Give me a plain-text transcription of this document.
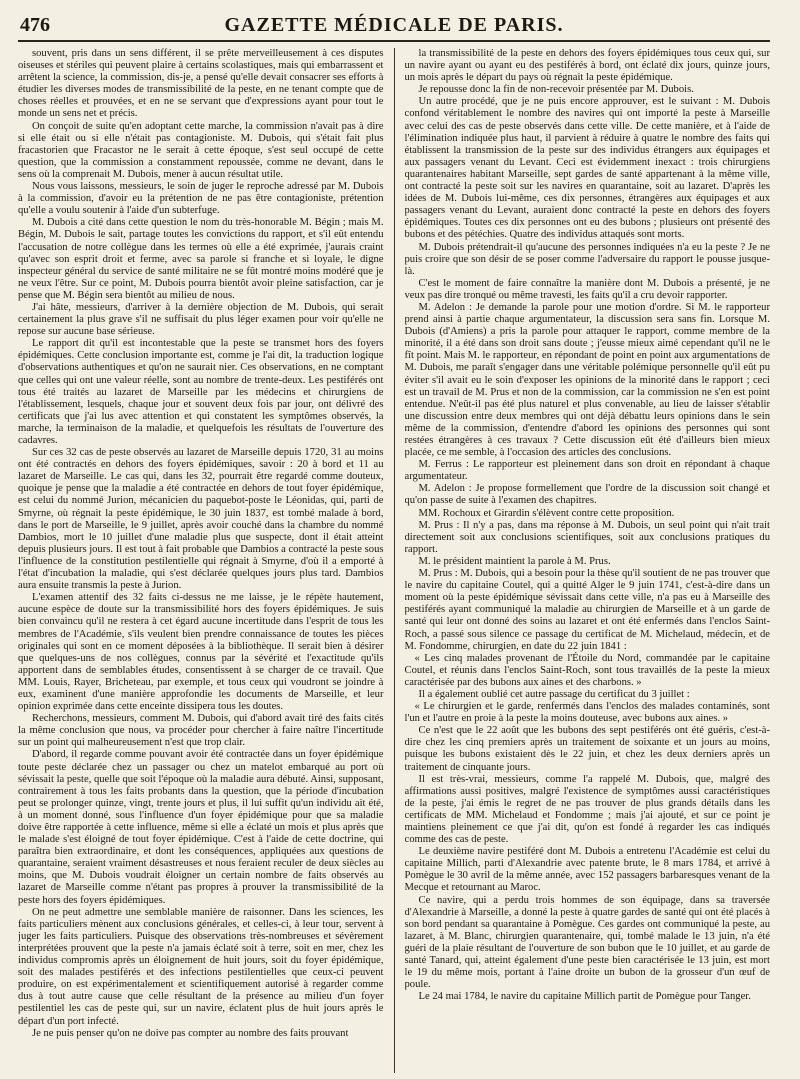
476	GAZETTE MÉDICALE DE PARIS.

souvent, pris dans un sens différent, il se prête merveilleusement à ces disputes oiseuses et stériles qui peuvent plaire à certains scolastiques, mais qui embarrassent et arrêtent la science, la commission, dis-je, a pensé qu'elle devait consacrer ses efforts à étudier les diverses modes de transmissibilité de la peste, en ne tenant compte que de choses réelles et prouvées, et en ne se servant que d'expressions ayant pour tout le monde un sens net et précis.

On conçoit de suite qu'en adoptant cette marche, la commission n'avait pas à dire si elle était ou si elle n'était pas contagioniste. M. Dubois, qui s'était fait plus fracastorien que Fracastor ne le serait à cette époque, s'est seul occupé de cette question, que la commission a constamment repoussée, comme ne devant, dans le sens où la comprenait M. Dubois, mener à aucun résultat utile.

Nous vous laissons, messieurs, le soin de juger le reproche adressé par M. Dubois à la commission, d'avoir eu la prétention de ne pas être contagioniste, prétention qu'elle a voulu soutenir à l'aide d'un subterfuge.

M. Dubois a cité dans cette question le nom du très-honorable M. Bégin ; mais M. Bégin, M. Dubois le sait, partage toutes les convictions du rapport, et s'il eût entendu l'accusation de notre collègue dans les termes où elle a été exprimée, j'aurais craint qu'avec son esprit droit et ferme, avec sa parole si franche et si loyale, le digne inspecteur général du service de santé militaire ne se fût montré moins modéré que je ne veux l'être. Sur ce point, M. Dubois pourra bientôt avoir pleine satisfaction, car je pense que M. Bégin sera bientôt au milieu de nous.

J'ai hâte, messieurs, d'arriver à la dernière objection de M. Dubois, qui serait certainement la plus grave s'il ne suffisait du plus léger examen pour voir qu'elle ne repose sur aucune base sérieuse.

Le rapport dit qu'il est incontestable que la peste se transmet hors des foyers épidémiques. Cette conclusion importante est, comme je l'ai dit, la traduction logique d'observations authentiques et qu'on ne saurait nier. Ces observations, en ne comptant que celles qui ont une valeur réelle, sont au nombre de trente-deux. Les pestiférés ont tous été traités au lazaret de Marseille par les médecins et chirurgiens de l'établissement, lesquels, chaque jour et souvent deux fois par jour, ont délivré des certificats que j'ai lus avec attention et qui constatent les symptômes observés, la marche, la terminaison de la maladie, et quelquefois les résultats de l'ouverture des cadavres.

Sur ces 32 cas de peste observés au lazaret de Marseille depuis 1720, 31 au moins ont été contractés en dehors des foyers épidémiques, savoir : 20 à bord et 11 au lazaret de Marseille. Le cas qui, dans les 32, pourrait être regardé comme douteux, quoique je pense que la maladie a été contractée en dehors de tout foyer épidémique, est celui du nommé Jurion, mécanicien du paquebot-poste le Léonidas, qui, parti de Smyrne, où régnait la peste épidémique, le 30 juin 1837, est tombé malade à bord, dans le port de Marseille, le 9 juillet, après avoir couché dans la chambre du nommé Dambios, mort le 10 juillet d'une maladie plus que suspecte, dont il était atteint depuis plusieurs jours. Il est tout à fait probable que Dambios a contracté la peste sous l'influence de la constitution pestilentielle qui régnait à Smyrne, d'où il a emporté à l'état d'incubation la maladie, qui s'est déclarée quelques jours plus tard. Dambios aura ensuite transmis la peste à Jurion.

L'examen attentif des 32 faits ci-dessus ne me laisse, je le répète hautement, aucune espèce de doute sur la transmissibilité hors des foyers épidémiques. Je suis bien convaincu qu'il ne restera à cet égard aucune incertitude dans l'esprit de tous les membres de l'Académie, s'ils veulent bien prendre connaissance de toutes les pièces originales qui sont en ce moment déposées à la bibliothèque. Il serait bien à désirer que quelques-uns de nos collègues, connus par la sévérité et l'exactitude qu'ils apportent dans de semblables études, consentissent à se charger de ce travail. Que MM. Louis, Rayer, Bricheteau, par exemple, et tous ceux qui voudront se joindre à eux, examinent d'une manière approfondie les documents de Marseille, et leur opinion exprimée dans cette enceinte dissipera tous les doutes.

Recherchons, messieurs, comment M. Dubois, qui d'abord avait tiré des faits cités la même conclusion que nous, va procéder pour chercher à faire naître l'incertitude sur un point qui malheureusement n'est que trop clair.

D'abord, il regarde comme pouvant avoir été contractée dans un foyer épidémique toute peste déclarée chez un passager ou chez un matelot embarqué au port où sévissait la peste, quelle que soit l'époque où la maladie aura débuté. Ainsi, supposant, contrairement à tous les faits probants dans la question, que la période d'incubation peut se prolonger quinze, vingt, trente jours et plus, il lui suffit qu'un individu ait été, à un moment donné, sous l'influence d'un foyer épidémique pour que sa maladie doive être rapportée à cette influence, même si elle a éclaté un mois et plus après que le malade s'est éloigné de tout foyer épidémique. C'est à l'aide de cette doctrine, qui paraîtra bien extraordinaire, et dont les conséquences, appliquées aux questions de quarantaine, seraient vraiment désastreuses et nous feraient reculer de deux siècles au moins, que M. Dubois voudrait éloigner un certain nombre de faits observés au lazaret de Marseille comme n'étant pas propres à prouver la transmissibilité de la peste hors des foyers épidémiques.

On ne peut admettre une semblable manière de raisonner. Dans les sciences, les faits particuliers mènent aux conclusions générales, et celles-ci, à leur tour, servent à juger les faits particuliers. Puisque des observations très-nombreuses et sévèrement interprétées prouvent que la peste n'a jamais éclaté soit à terre, soit en mer, chez les individus compromis après un éloignement de huit jours, soit du foyer épidémique, soit des malades pestiférés et des infections pestilentielles que ceux-ci peuvent produire, on est expérimentalement et scientifiquement autorisé à regarder comme dus à tout autre cause que celle résultant de la présence au milieu d'un foyer pestilentiel les cas de peste qui, sur un navire, éclatent plus de huit jours après le départ d'un port infecté.

Je ne puis penser qu'on ne doive pas compter au nombre des faits prouvant

la transmissibilité de la peste en dehors des foyers épidémiques tous ceux qui, sur un navire ayant ou ayant eu des pestiférés à bord, ont éclaté dix jours, quinze jours, un mois après le départ du pays où régnait la peste épidémique.

Je repousse donc la fin de non-recevoir présentée par M. Dubois.

Un autre procédé, que je ne puis encore approuver, est le suivant : M. Dubois confond véritablement le nombre des navires qui ont importé la peste à Marseille avec celui des cas de peste observés dans cette ville. De cette manière, et à l'aide de l'élimination indiquée plus haut, il parvient à réduire à quatre le nombre des faits qui établissent la transmission de la peste sur des individus étrangers aux équipages et aux passagers venant du Levant. Ceci est évidemment inexact : trois chirurgiens quarantenaires habitant Marseille, sept gardes de santé appartenant à la même ville, ont contracté la peste soit sur les navires en quarantaine, soit au lazaret. D'après les idées de M. Dubois lui-même, ces dix personnes, étrangères aux équipages et aux passagers venant du Levant, auraient donc contracté la peste en dehors des foyers épidémiques. Toutes ces dix personnes ont eu des bubons ; plusieurs ont présenté des bubons et des pétéchies. Quatre des individus attaqués sont morts.

M. Dubois prétendrait-il qu'aucune des personnes indiquées n'a eu la peste ? Je ne puis croire que son désir de se poser comme l'adversaire du rapport le pousse jusque-là.

C'est le moment de faire connaître la manière dont M. Dubois a présenté, je ne veux pas dire tronqué ou même travesti, les faits qu'il a cru devoir rapporter.

M. Adelon : Je demande la parole pour une motion d'ordre. Si M. le rapporteur prend ainsi à partie chaque argumentateur, la discussion sera sans fin. Lorsque M. Dubois (d'Amiens) a pris la parole pour attaquer le rapport, comme membre de la minorité, il a été dans son droit sans doute ; j'eusse mieux aimé cependant qu'il ne le fît point. Mais M. le rapporteur, en répondant de point en point aux argumentations de M. Dubois, me paraît s'engager dans une véritable polémique personnelle qu'il eût pu éviter s'il avait eu le soin d'exposer les opinions de la minorité dans le rapport ; ceci est un travail de M. Prus et non de la commission, car la commission ne s'en est point entendue. N'eût-il pas été plus naturel et plus convenable, au lieu de laisser s'établir une discussion entre deux membres qui ont déjà débattu leurs opinions dans le sein même de la commission, d'entendre d'abord les opinions des personnes qui sont restées étrangères à ces travaux ? Cette discussion eût été d'ailleurs bien mieux placée, ce me semble, à l'occasion des articles des conclusions.

M. Ferrus : Le rapporteur est pleinement dans son droit en répondant à chaque argumentateur.

M. Adelon : Je propose formellement que l'ordre de la discussion soit changé et qu'on passe de suite à l'examen des chapitres.

MM. Rochoux et Girardin s'élèvent contre cette proposition.

M. Prus : Il n'y a pas, dans ma réponse à M. Dubois, un seul point qui n'ait trait directement soit aux conclusions scientifiques, soit aux conclusions pratiques du rapport.

M. le président maintient la parole à M. Prus.

M. Prus : M. Dubois, qui a besoin pour la thèse qu'il soutient de ne pas trouver que le navire du capitaine Coutel, qui a quitté Alger le 9 juin 1741, c'est-à-dire dans un moment où la peste épidémique sévissait dans cette ville, n'a pas eu à Marseille des pestiférés ayant communiqué la maladie au chirurgien de Marseille et à un garde de santé qui leur ont donné des soins au lazaret et ont été enfermés dans l'enclos Saint-Roch, a passé sous silence ce passage du certificat de M. Michelaud, médecin, et de M. Fondomme, chirurgien, en date du 22 juin 1841 :

« Les cinq malades provenant de l'Étoile du Nord, commandée par le capitaine Coutel, et réunis dans l'enclos Saint-Roch, sont tous travaillés de la peste la mieux caractérisée par des bubons aux aines et des charbons. »

Il a également oublié cet autre passage du certificat du 3 juillet :

« Le chirurgien et le garde, renfermés dans l'enclos des malades contaminés, sont l'un et l'autre en proie à la peste la moins douteuse, avec bubons aux aines. »

Ce n'est que le 22 août que les bubons des sept pestiférés ont été guéris, c'est-à-dire chez les cinq premiers après un traitement de soixante et un jours au moins, puisque les bubons existaient dès le 22 juin, et chez les deux derniers après un traitement de cinquante jours.

Il est très-vrai, messieurs, comme l'a rappelé M. Dubois, que, malgré des affirmations aussi positives, malgré l'existence de symptômes aussi caractéristiques de la peste, j'ai émis le regret de ne pas trouver de plus grands détails dans les certificats de MM. Michelaud et Fondomme ; mais j'ai ajouté, et sur ce point je maintiens pleinement ce que j'ai dit, qu'on est fondé à regarder les cas indiqués comme des cas de peste.

Le deuxième navire pestiféré dont M. Dubois a entretenu l'Académie est celui du capitaine Millich, parti d'Alexandrie avec patente brute, le 8 mars 1784, et arrivé à Pomègue le 30 avril de la même année, avec 152 passagers barbaresques venant de la Mecque et retournant au Maroc.

Ce navire, qui a perdu trois hommes de son équipage, dans sa traversée d'Alexandrie à Marseille, a donné la peste à quatre gardes de santé qui ont été placés à son bord pendant sa quarantaine à Pomègue. Ces gardes ont communiqué la peste, au lazaret, à M. Blanc, chirurgien quarantenaire, qui, tombé malade le 13 juin, n'a été guéri de la plaie résultant de l'ouverture de son bubon que le 10 juillet, et au garde de santé Tanard, qui, atteint également d'une peste bien caractérisée le 13 juin, est mort le 19 du même mois, portant à l'aine droite un bubon de la grosseur d'un œuf de poule.

Le 24 mai 1784, le navire du capitaine Millich partit de Pomègue pour Tanger.
